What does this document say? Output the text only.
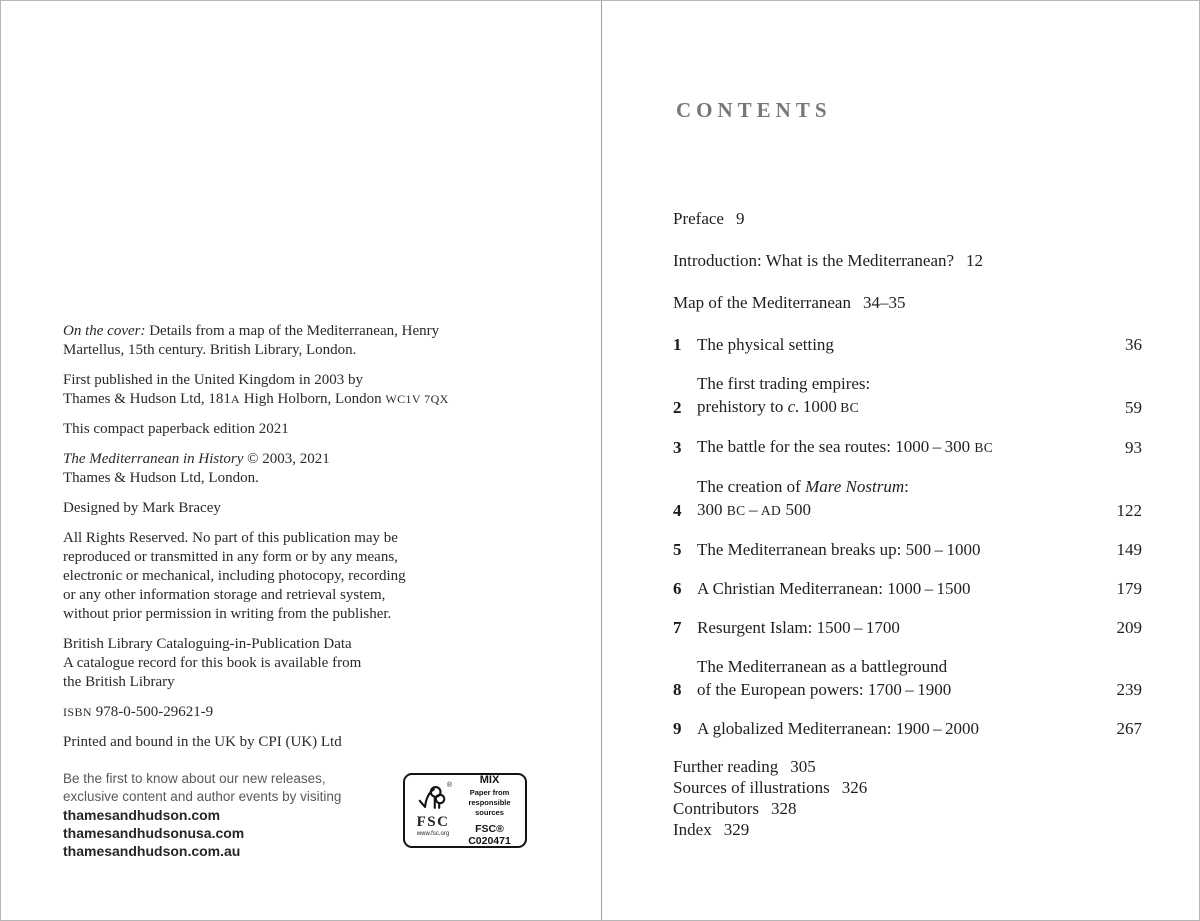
On the cover: Details from a map of the Mediterranean, Henry
Martellus, 15th century. British Library, London.
First published in the United Kingdom in 2003 by
Thames & Hudson Ltd, 181A High Holborn, London WC1V 7QX
This compact paperback edition 2021
The Mediterranean in History © 2003, 2021
Thames & Hudson Ltd, London.
Designed by Mark Bracey
All Rights Reserved. No part of this publication may be
reproduced or transmitted in any form or by any means,
electronic or mechanical, including photocopy, recording
or any other information storage and retrieval system,
without prior permission in writing from the publisher.
British Library Cataloguing-in-Publication Data
A catalogue record for this book is available from
the British Library
ISBN 978-0-500-29621-9
Printed and bound in the UK by CPI (UK) Ltd
Be the first to know about our new releases,
exclusive content and author events by visiting
thamesandhudson.com
thamesandhudsonusa.com
thamesandhudson.com.au
®
FSC
www.fsc.org
MIX
Paper from
responsible sources
FSC® C020471
CONTENTS
Preface 9
Introduction: What is the Mediterranean? 12
Map of the Mediterranean 34–35
1 The physical setting	36
2
The first trading empires:
prehistory to c. 1000 BC	59
3 The battle for the sea routes: 1000 – 300 BC	93
4
The creation of Mare Nostrum:
300 BC – AD 500	122
5 The Mediterranean breaks up: 500 – 1000	149
6 A Christian Mediterranean: 1000 – 1500	179
7 Resurgent Islam: 1500 – 1700	209
8
The Mediterranean as a battleground
of the European powers: 1700 – 1900	239
9 A globalized Mediterranean: 1900 – 2000	267
Further reading 305
Sources of illustrations 326
Contributors 328
Index 329
